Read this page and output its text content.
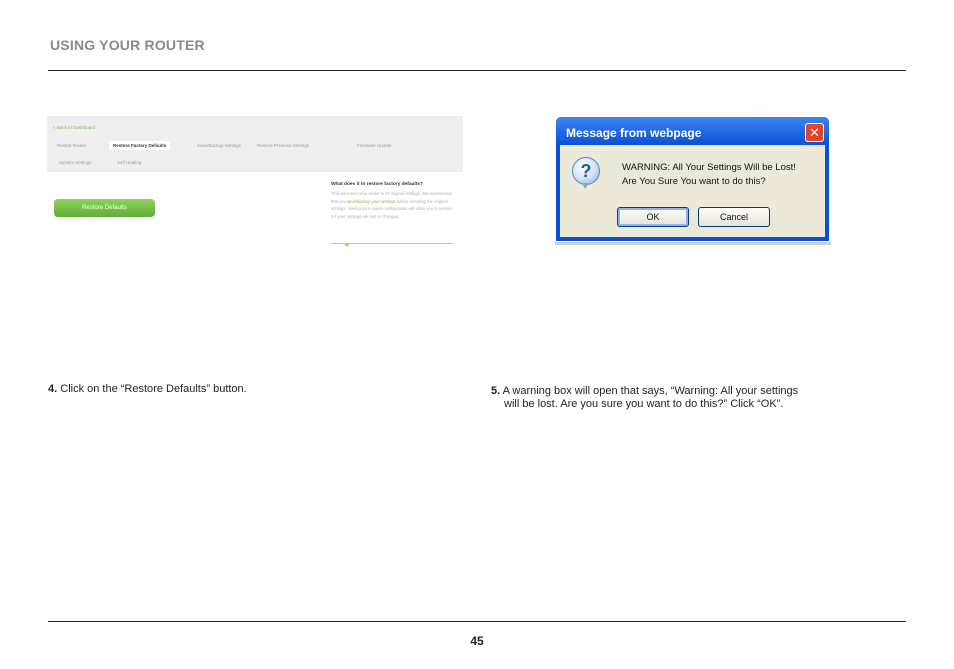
USING YOUR ROUTER
< Back to Dashboard
Restart Router	Restore Factory Defaults	Save/Backup Settings	Restore Previous Settings	Firmware Update
System Settings	Self Healing
Restore Defaults
What does it to restore factory defaults?
This will return your router to its original settings. We recommend that you save/backup your settings before restoring the original settings. Having your router configuration will allow you to restore it if your settings are lost or changed.
Message from webpage	✕
?	WARNING: All Your Settings Will be Lost!
Are You Sure You want to do this?
OK	Cancel
4. Click on the “Restore Defaults” button.	5. A warning box will open that says, “Warning: All your settings
will be lost. Are you sure you want to do this?” Click “OK”.
45
